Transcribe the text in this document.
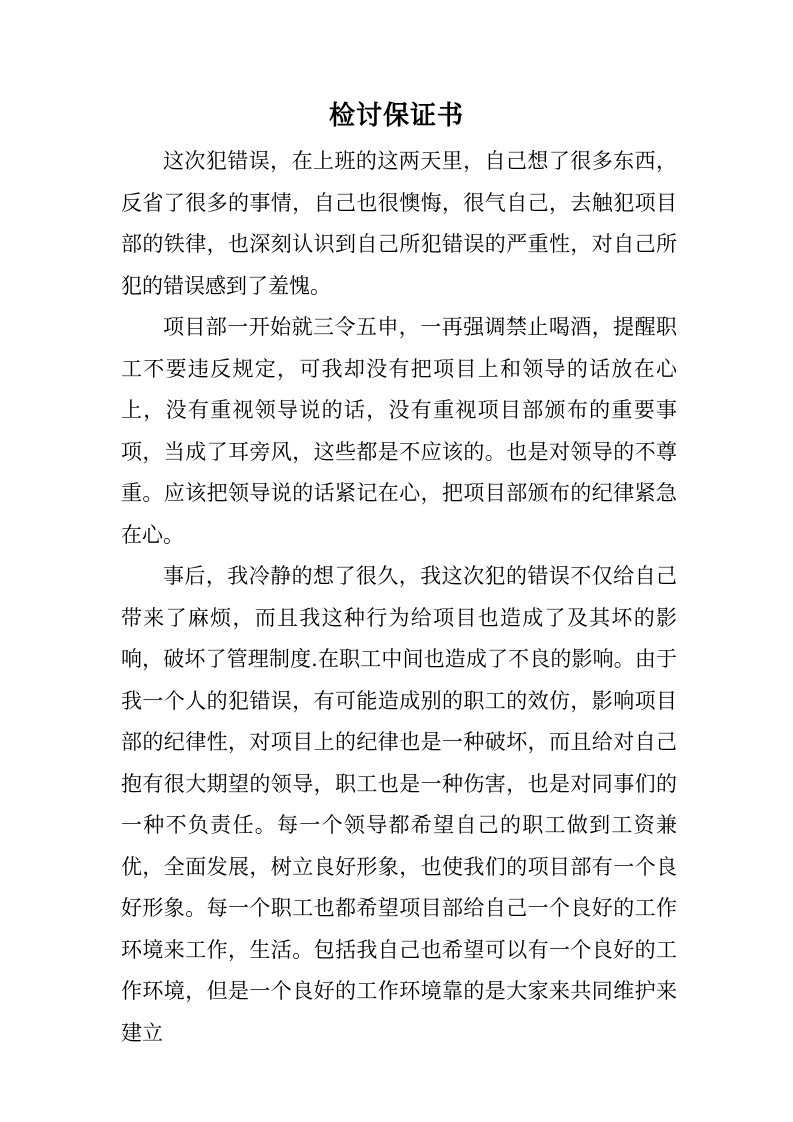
检讨保证书

这次犯错误，在上班的这两天里，自己想了很多东西，反省了很多的事情，自己也很懊悔，很气自己，去触犯项目部的铁律，也深刻认识到自己所犯错误的严重性，对自己所犯的错误感到了羞愧。

项目部一开始就三令五申，一再强调禁止喝酒，提醒职工不要违反规定，可我却没有把项目上和领导的话放在心上，没有重视领导说的话，没有重视项目部颁布的重要事项，当成了耳旁风，这些都是不应该的。也是对领导的不尊重。应该把领导说的话紧记在心，把项目部颁布的纪律紧急在心。

事后，我冷静的想了很久，我这次犯的错误不仅给自己带来了麻烦，而且我这种行为给项目也造成了及其坏的影响，破坏了管理制度.在职工中间也造成了不良的影响。由于我一个人的犯错误，有可能造成别的职工的效仿，影响项目部的纪律性，对项目上的纪律也是一种破坏，而且给对自己抱有很大期望的领导，职工也是一种伤害，也是对同事们的一种不负责任。每一个领导都希望自己的职工做到工资兼优，全面发展，树立良好形象，也使我们的项目部有一个良好形象。每一个职工也都希望项目部给自己一个良好的工作环境来工作，生活。包括我自己也希望可以有一个良好的工作环境，但是一个良好的工作环境靠的是大家来共同维护来建立
